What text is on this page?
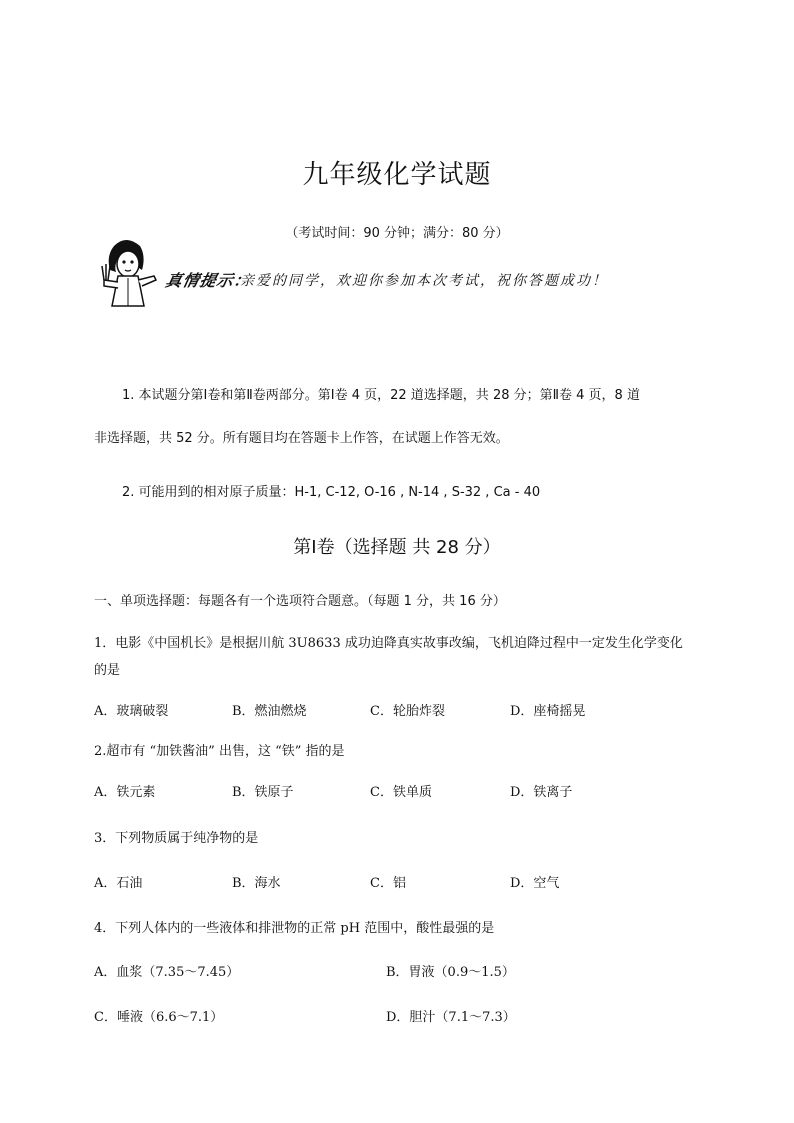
九年级化学试题
（考试时间：90 分钟；满分：80 分）
真情提示：
亲爱的同学，欢迎你参加本次考试，祝你答题成功！
1. 本试题分第Ⅰ卷和第Ⅱ卷两部分。第Ⅰ卷 4 页，22 道选择题，共 28 分；第Ⅱ卷 4 页，8 道
非选择题，共 52 分。所有题目均在答题卡上作答，在试题上作答无效。
2. 可能用到的相对原子质量：H-1, C-12, O-16 , N-14 , S-32 , Ca - 40
第Ⅰ卷（选择题 共 28 分）
一、单项选择题：每题各有一个选项符合题意。（每题 1 分，共 16 分）
1．电影《中国机长》是根据川航 3U8633 成功迫降真实故事改编，飞机迫降过程中一定发生化学变化
的是
A．玻璃破裂	B．燃油燃烧	C．轮胎炸裂	D．座椅摇晃
2.超市有 “加铁酱油” 出售，这 “铁” 指的是
A．铁元素	B．铁原子	C．铁单质	D．铁离子
3．下列物质属于纯净物的是
A．石油	B．海水	C．铝	D．空气
4．下列人体内的一些液体和排泄物的正常 pH 范围中，酸性最强的是
A．血浆（7.35～7.45）	B．胃液（0.9～1.5）
C．唾液（6.6～7.1）	D．胆汁（7.1～7.3）
